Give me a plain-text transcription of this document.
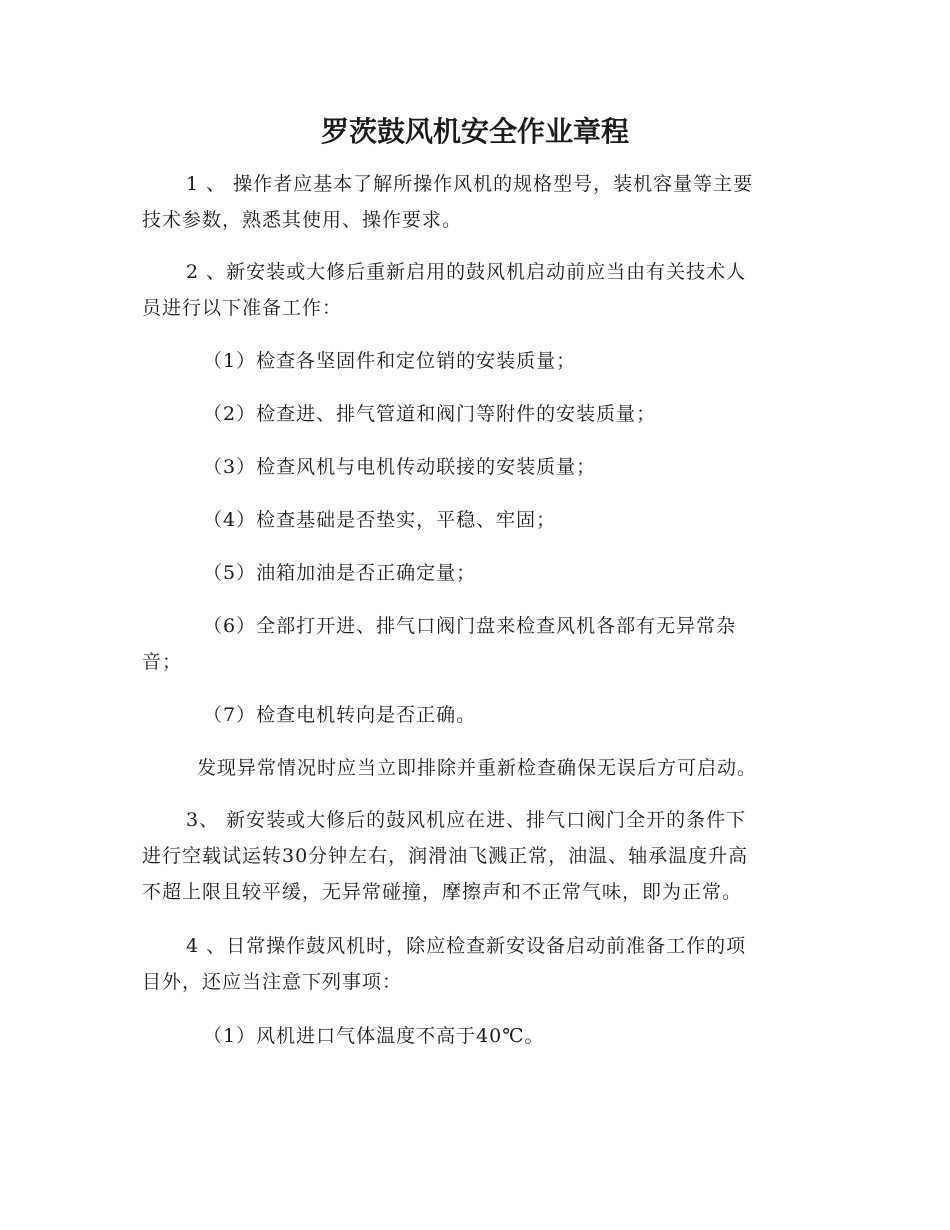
罗茨鼓风机安全作业章程
1 、 操作者应基本了解所操作风机的规格型号，装机容量等主要
技术参数，熟悉其使用、操作要求。
2 、新安装或大修后重新启用的鼓风机启动前应当由有关技术人
员进行以下准备工作：
（1）检查各坚固件和定位销的安装质量；
（2）检查进、排气管道和阀门等附件的安装质量；
（3）检查风机与电机传动联接的安装质量；
（4）检查基础是否垫实，平稳、牢固；
（5）油箱加油是否正确定量；
（6）全部打开进、排气口阀门盘来检查风机各部有无异常杂
音；
（7）检查电机转向是否正确。
发现异常情况时应当立即排除并重新检查确保无误后方可启动。
3、 新安装或大修后的鼓风机应在进、排气口阀门全开的条件下
进行空载试运转30分钟左右，润滑油飞溅正常，油温、轴承温度升高
不超上限且较平缓，无异常碰撞，摩擦声和不正常气味，即为正常。
4 、日常操作鼓风机时，除应检查新安设备启动前准备工作的项
目外，还应当注意下列事项：
（1）风机进口气体温度不高于40℃。
